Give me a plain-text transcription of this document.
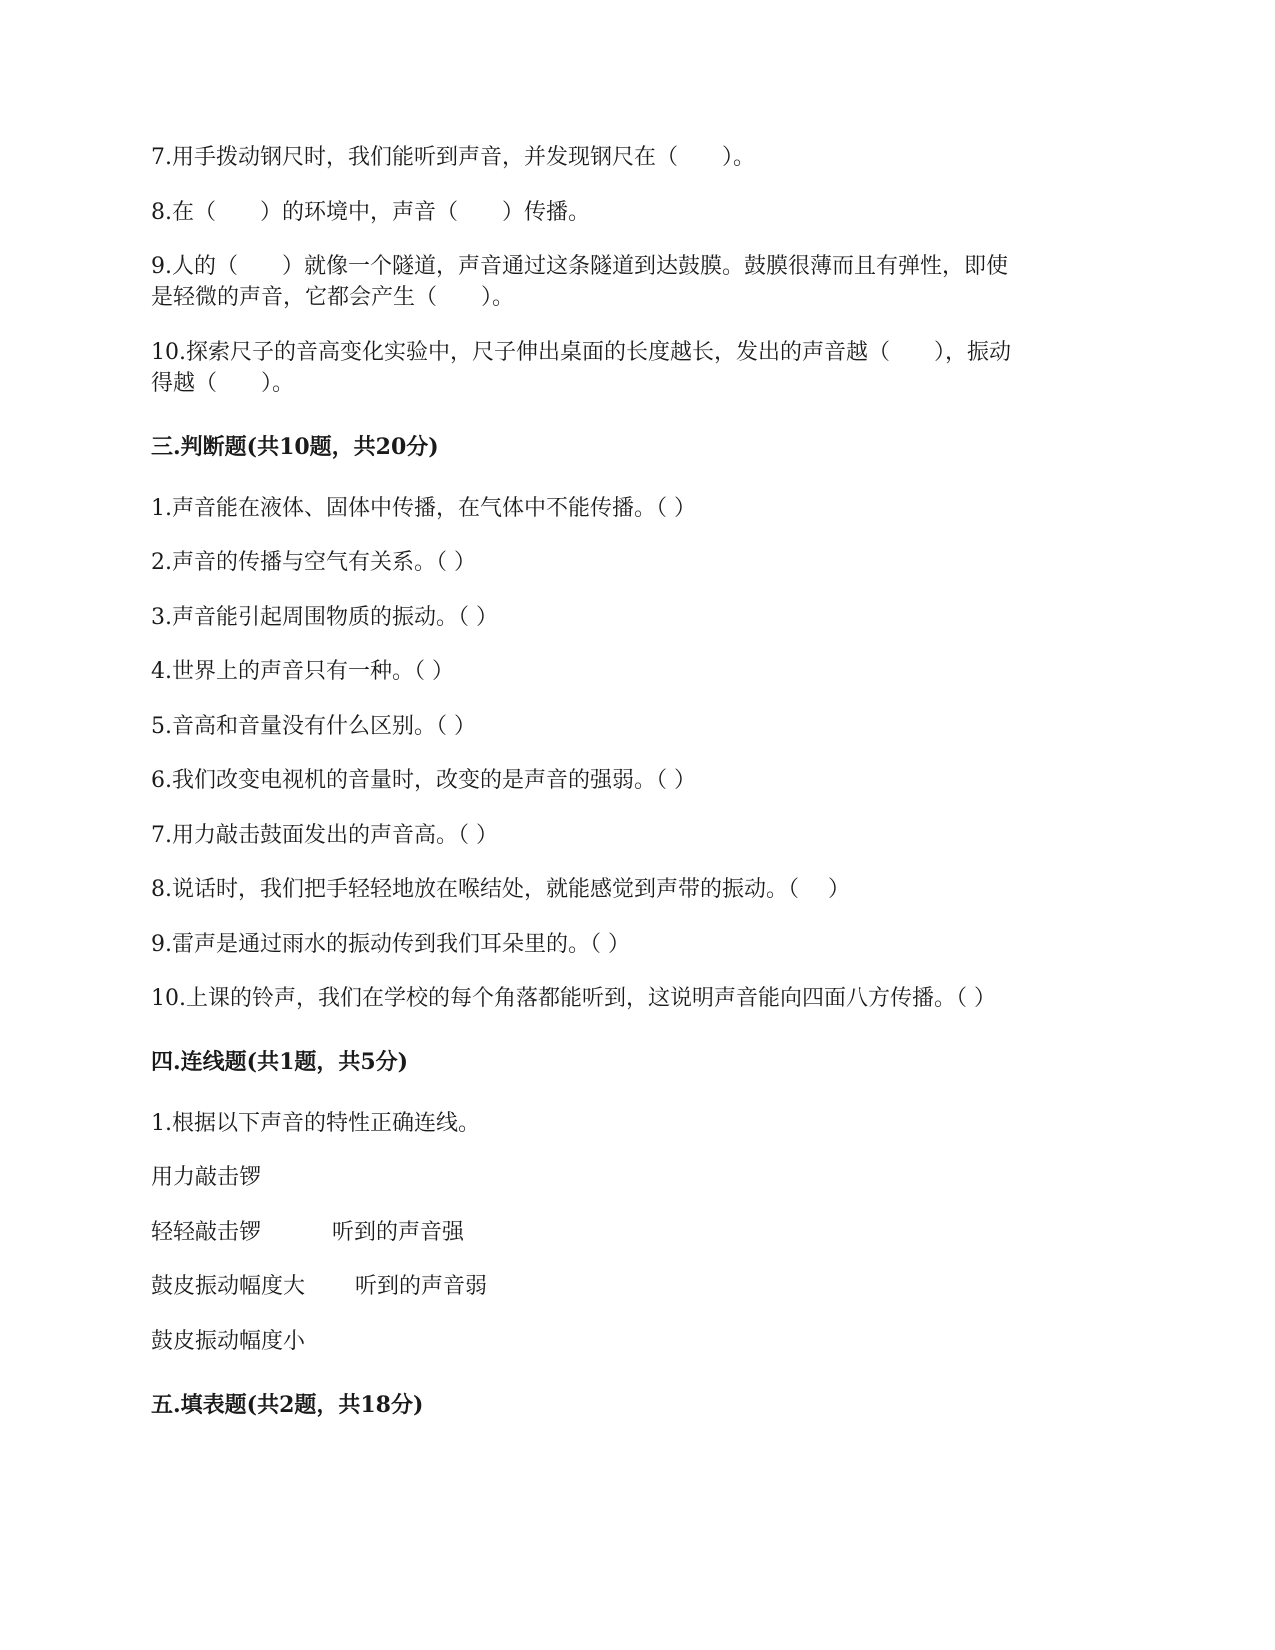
7.用手拨动钢尺时，我们能听到声音，并发现钢尺在（　　）。
8.在（　　）的环境中，声音（　　）传播。
9.人的（　　）就像一个隧道，声音通过这条隧道到达鼓膜。鼓膜很薄而且有弹性，即使
是轻微的声音，它都会产生（　　）。
10.探索尺子的音高变化实验中，尺子伸出桌面的长度越长，发出的声音越（　　），振动
得越（　　）。
三.判断题(共10题，共20分)
1.声音能在液体、固体中传播，在气体中不能传播。（ ）
2.声音的传播与空气有关系。（ ）
3.声音能引起周围物质的振动。（ ）
4.世界上的声音只有一种。（ ）
5.音高和音量没有什么区别。（ ）
6.我们改变电视机的音量时，改变的是声音的强弱。（ ）
7.用力敲击鼓面发出的声音高。（ ）
8.说话时，我们把手轻轻地放在喉结处，就能感觉到声带的振动。（　 ）
9.雷声是通过雨水的振动传到我们耳朵里的。（ ）
10.上课的铃声，我们在学校的每个角落都能听到，这说明声音能向四面八方传播。（ ）
四.连线题(共1题，共5分)
1.根据以下声音的特性正确连线。
用力敲击锣
轻轻敲击锣	听到的声音强
鼓皮振动幅度大 听到的声音弱
鼓皮振动幅度小
五.填表题(共2题，共18分)
